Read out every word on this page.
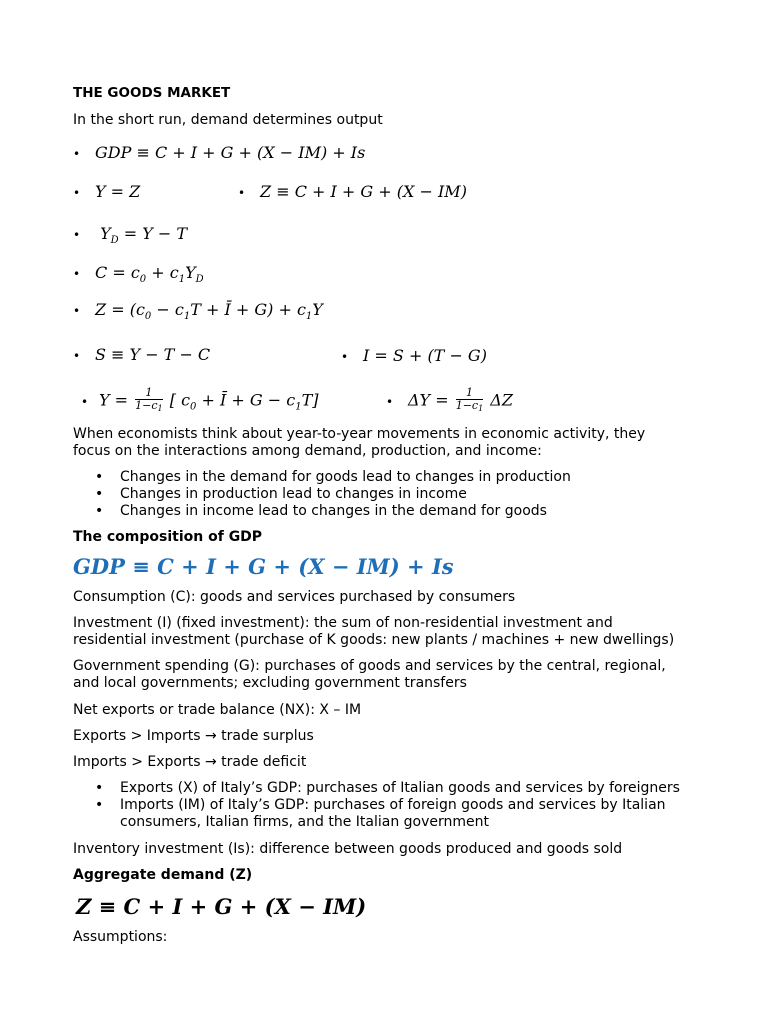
THE GOODS MARKET
In the short run, demand determines output
• GDP ≡ C + I + G + (X − IM) + Is
• Y = Z	• Z ≡ C + I + G + (X − IM)
• $Y_D = Y - T$
• $C = c_0 + c_1Y_D$
• $Z = (c_0 - c_1T$ + Ī + $G) + c_1Y$
• S ≡ Y − T − C	• I = S + (T − G)
• $Y = \frac{1}{1-c_1}$ [ $c_0$ + Ī + $G - c_1T$]	• $\Delta Y = \frac{1}{1-c_1}$ ΔZ
When economists think about year-to-year movements in economic activity, they
focus on the interactions among demand, production, and income:
• Changes in the demand for goods lead to changes in production
• Changes in production lead to changes in income
• Changes in income lead to changes in the demand for goods
The composition of GDP
GDP ≡ C + I + G + (X − IM) + Is
Consumption (C): goods and services purchased by consumers
Investment (I) (fixed investment): the sum of non-residential investment and
residential investment (purchase of K goods: new plants / machines + new dwellings)
Government spending (G): purchases of goods and services by the central, regional,
and local governments; excluding government transfers
Net exports or trade balance (NX): X – IM
Exports > Imports → trade surplus
Imports > Exports → trade deficit
• Exports (X) of Italy’s GDP: purchases of Italian goods and services by foreigners
• Imports (IM) of Italy’s GDP: purchases of foreign goods and services by Italian
consumers, Italian firms, and the Italian government
Inventory investment (Is): difference between goods produced and goods sold
Aggregate demand (Z)
Z ≡ C + I + G + (X − IM)
Assumptions:
